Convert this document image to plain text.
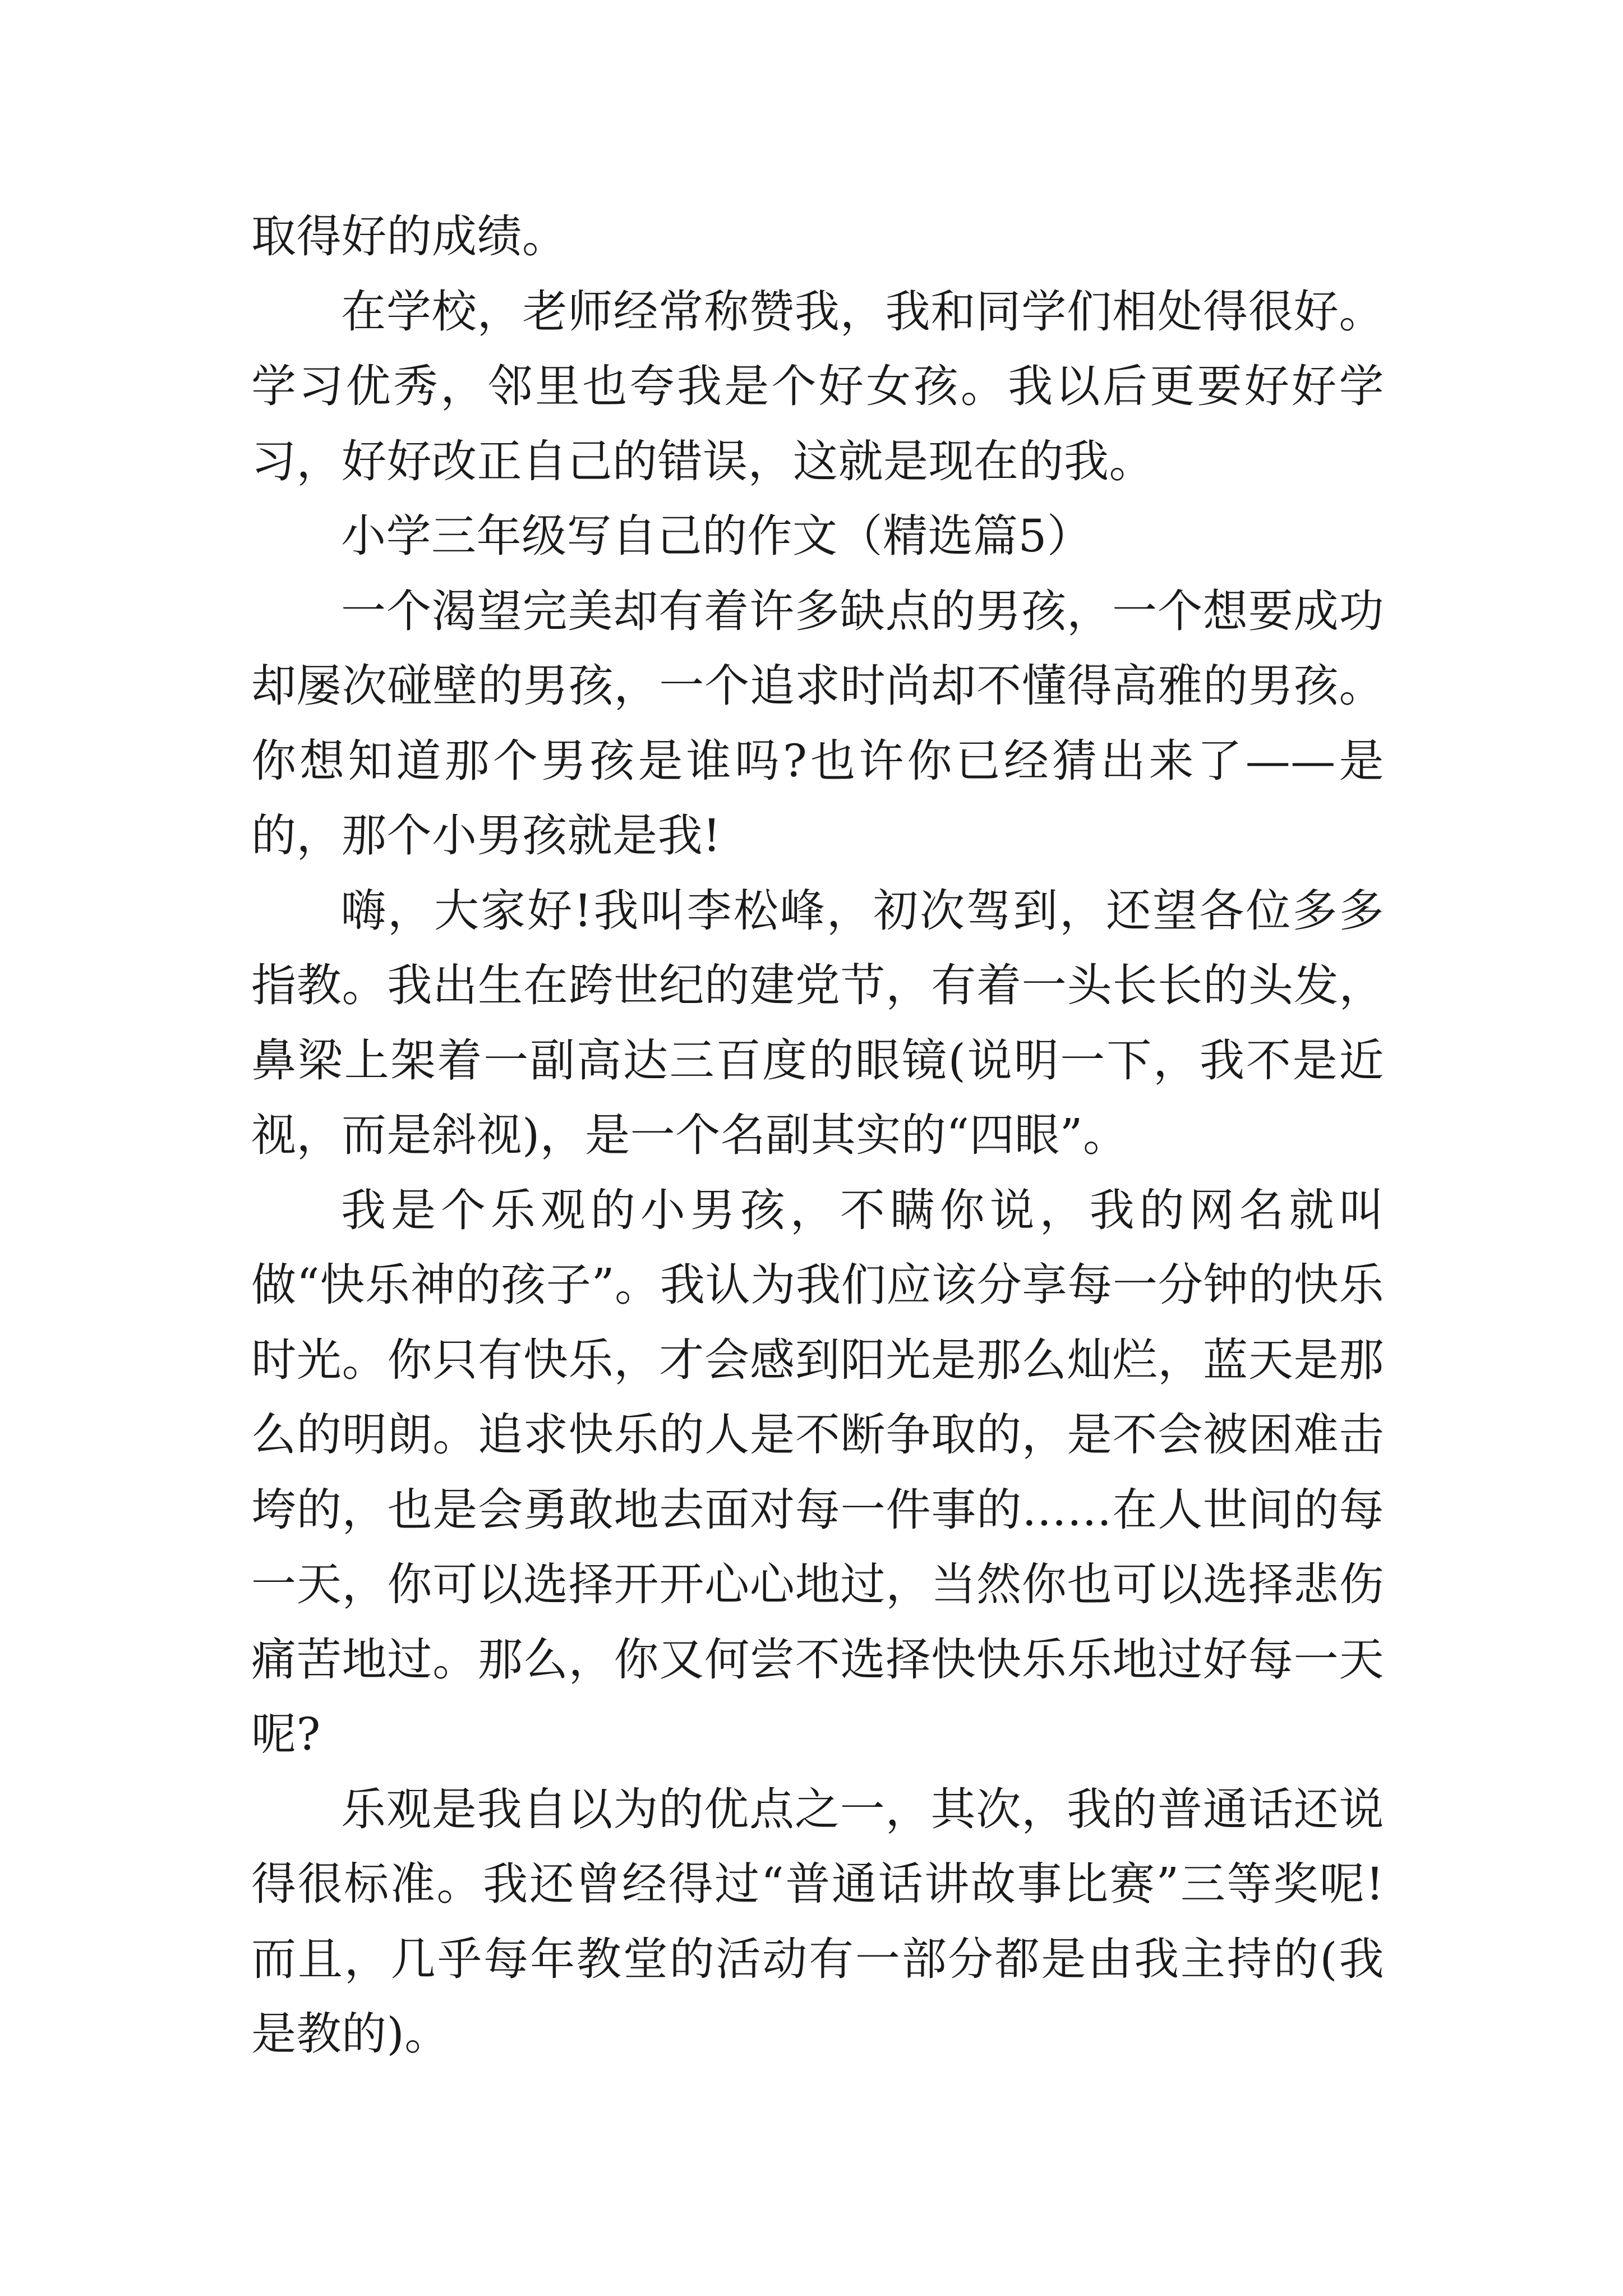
取得好的成绩。

在学校，老师经常称赞我，我和同学们相处得很好。学习优秀，邻里也夸我是个好女孩。我以后更要好好学习，好好改正自己的错误，这就是现在的我。

小学三年级写自己的作文（精选篇5）

一个渴望完美却有着许多缺点的男孩，一个想要成功却屡次碰壁的男孩，一个追求时尚却不懂得高雅的男孩。你想知道那个男孩是谁吗?也许你已经猜出来了——是的，那个小男孩就是我!

嗨，大家好!我叫李松峰，初次驾到，还望各位多多指教。我出生在跨世纪的建党节，有着一头长长的头发，鼻梁上架着一副高达三百度的眼镜(说明一下，我不是近视，而是斜视)，是一个名副其实的“四眼”。

我是个乐观的小男孩，不瞒你说，我的网名就叫做“快乐神的孩子”。我认为我们应该分享每一分钟的快乐时光。你只有快乐，才会感到阳光是那么灿烂，蓝天是那么的明朗。追求快乐的人是不断争取的，是不会被困难击垮的，也是会勇敢地去面对每一件事的……在人世间的每一天，你可以选择开开心心地过，当然你也可以选择悲伤痛苦地过。那么，你又何尝不选择快快乐乐地过好每一天呢?

乐观是我自以为的优点之一，其次，我的普通话还说得很标准。我还曾经得过“普通话讲故事比赛”三等奖呢!而且，几乎每年教堂的活动有一部分都是由我主持的(我是教的)。
